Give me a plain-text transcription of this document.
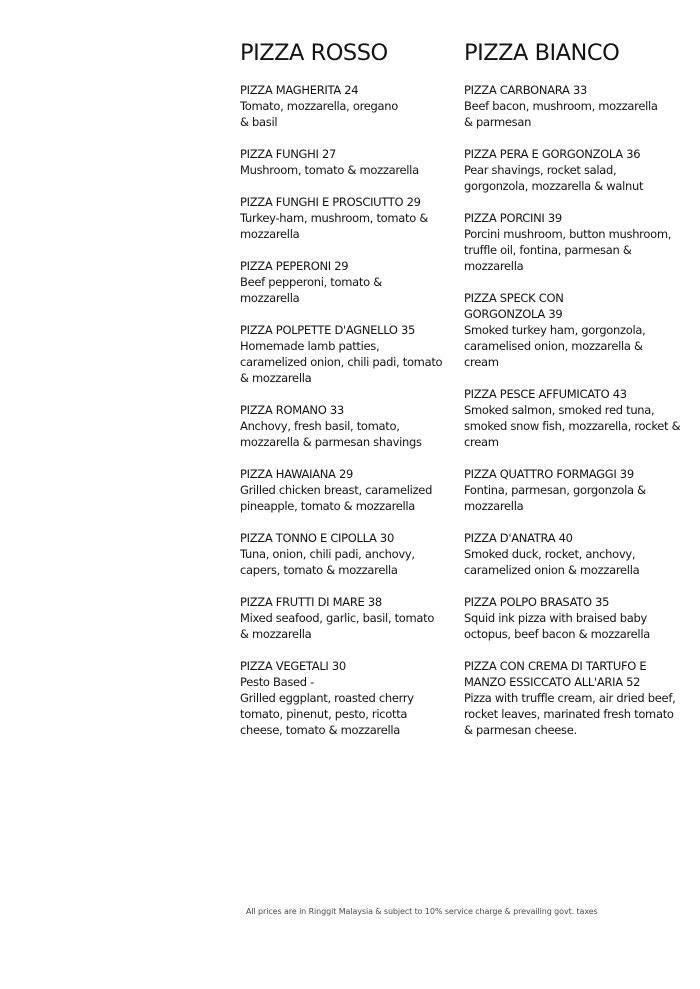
PIZZA ROSSO
PIZZA MAGHERITA 24
Tomato, mozzarella, oregano
& basil
PIZZA FUNGHI 27
Mushroom, tomato & mozzarella
PIZZA FUNGHI E PROSCIUTTO 29
Turkey-ham, mushroom, tomato &
mozzarella
PIZZA PEPERONI 29
Beef pepperoni, tomato &
mozzarella
PIZZA POLPETTE D'AGNELLO 35
Homemade lamb patties,
caramelized onion, chili padi, tomato
& mozzarella
PIZZA ROMANO 33
Anchovy, fresh basil, tomato,
mozzarella & parmesan shavings
PIZZA HAWAIANA 29
Grilled chicken breast, caramelized
pineapple, tomato & mozzarella
PIZZA TONNO E CIPOLLA 30
Tuna, onion, chili padi, anchovy,
capers, tomato & mozzarella
PIZZA FRUTTI DI MARE 38
Mixed seafood, garlic, basil, tomato
& mozzarella
PIZZA VEGETALI 30
Pesto Based -
Grilled eggplant, roasted cherry
tomato, pinenut, pesto, ricotta
cheese, tomato & mozzarella
PIZZA BIANCO
PIZZA CARBONARA 33
Beef bacon, mushroom, mozzarella
& parmesan
PIZZA PERA E GORGONZOLA 36
Pear shavings, rocket salad,
gorgonzola, mozzarella & walnut
PIZZA PORCINI 39
Porcini mushroom, button mushroom,
truffle oil, fontina, parmesan &
mozzarella
PIZZA SPECK CON
GORGONZOLA 39
Smoked turkey ham, gorgonzola,
caramelised onion, mozzarella &
cream
PIZZA PESCE AFFUMICATO 43
Smoked salmon, smoked red tuna,
smoked snow fish, mozzarella, rocket &
cream
PIZZA QUATTRO FORMAGGI 39
Fontina, parmesan, gorgonzola &
mozzarella
PIZZA D'ANATRA 40
Smoked duck, rocket, anchovy,
caramelized onion & mozzarella
PIZZA POLPO BRASATO 35
Squid ink pizza with braised baby
octopus, beef bacon & mozzarella
PIZZA CON CREMA DI TARTUFO E
MANZO ESSICCATO ALL'ARIA 52
Pizza with truffle cream, air dried beef,
rocket leaves, marinated fresh tomato
& parmesan cheese.
All prices are in Ringgit Malaysia & subject to 10% service charge & prevailing govt. taxes
